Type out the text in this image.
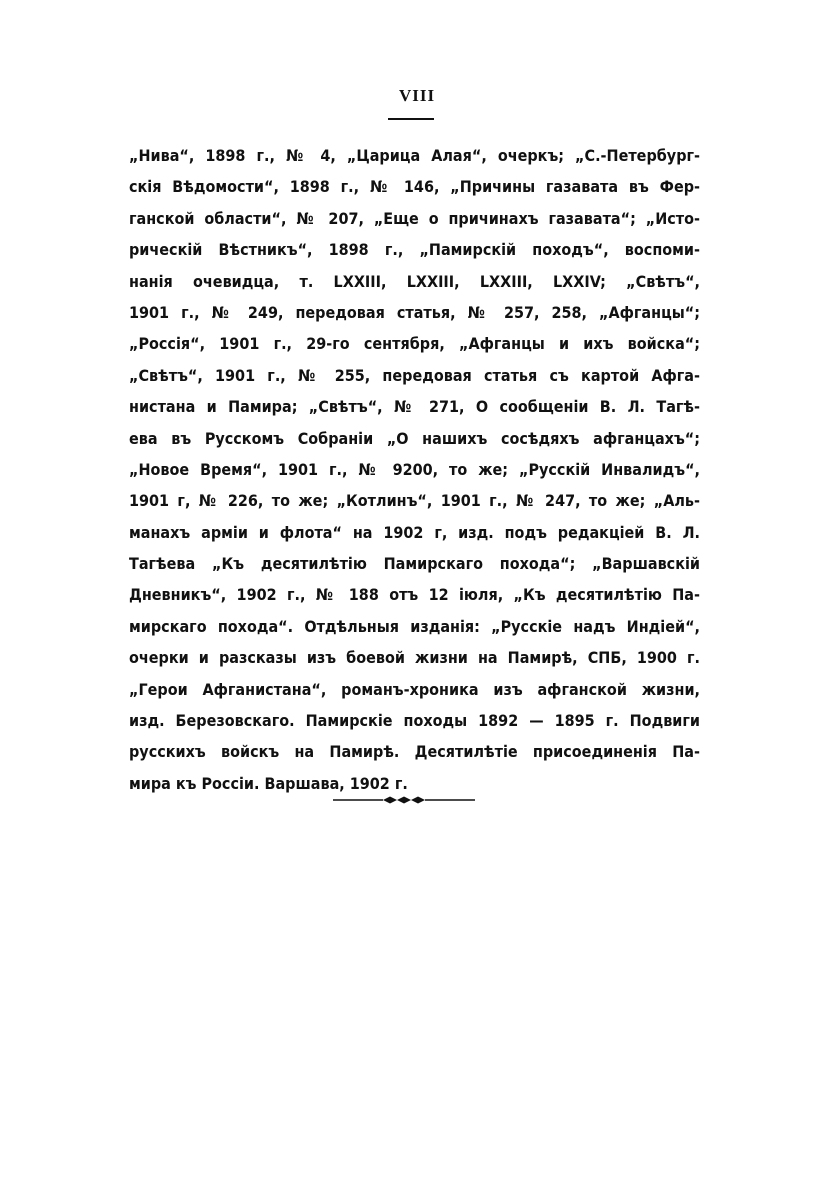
VIII
„Нива“, 1898 г., № 4, „Царица Алая“, очеркъ; „С.-Петербург-
скія Вѣдомости“, 1898 г., № 146, „Причины газавата въ Фер-
ганской области“, № 207, „Еще о причинахъ газавата“; „Исто-
рическій Вѣстникъ“, 1898 г., „Памирскій походъ“, воспоми-
нанія очевидца, т. LXXIII, LXXIII, LXXIII, LXXIV; „Свѣтъ“,
1901 г., № 249, передовая статья, № 257, 258, „Афганцы“;
„Россія“, 1901 г., 29-го сентября, „Афганцы и ихъ войска“;
„Свѣтъ“, 1901 г., № 255, передовая статья съ картой Афга-
нистана и Памира; „Свѣтъ“, № 271, О сообщеніи В. Л. Тагѣ-
ева въ Русскомъ Собраніи „О нашихъ сосѣдяхъ афганцахъ“;
„Новое Время“, 1901 г., № 9200, то же; „Русскій Инвалидъ“,
1901 г, № 226, то же; „Котлинъ“, 1901 г., № 247, то же; „Аль-
манахъ арміи и флота“ на 1902 г, изд. подъ редакціей В. Л.
Тагѣева „Къ десятилѣтію Памирскаго похода“; „Варшавскій
Дневникъ“, 1902 г., № 188 отъ 12 іюля, „Къ десятилѣтію Па-
мирскаго похода“. Отдѣльныя изданія: „Русскіе надъ Индіей“,
очерки и разсказы изъ боевой жизни на Памирѣ, СПБ, 1900 г.
„Герои Афганистана“, романъ-хроника изъ афганской жизни,
изд. Березовскаго. Памирскіе походы 1892 — 1895 г. Подвиги
русскихъ войскъ на Памирѣ. Десятилѣтіе присоединенія Па-
мира къ Россіи. Варшава, 1902 г.
